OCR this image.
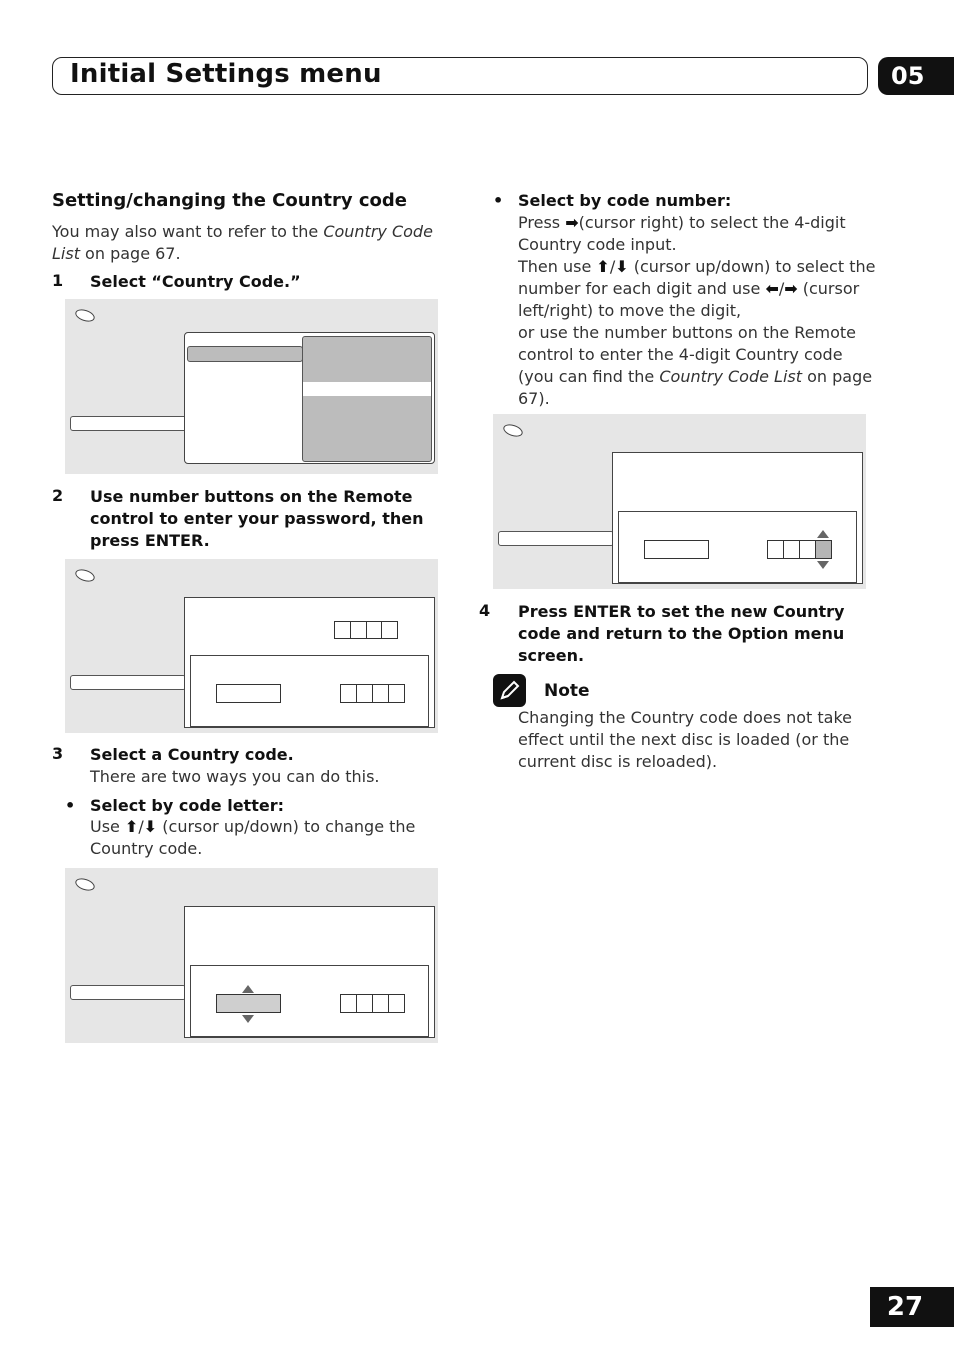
Initial Settings menu	05
Setting/changing the Country code
You may also want to refer to the Country Code List on page 67.
1 Select “Country Code.”
2 Use number buttons on the Remote control to enter your password, then press ENTER.
3 Select a Country code.
There are two ways you can do this.
• Select by code letter:
Use ⬆/⬇ (cursor up/down) to change the Country code.
• Select by code number:
Press ➡(cursor right) to select the 4-digit Country code input.
Then use ⬆/⬇ (cursor up/down) to select the number for each digit and use ⬅/➡ (cursor left/right) to move the digit,
or use the number buttons on the Remote control to enter the 4-digit Country code (you can find the Country Code List on page 67).
4 Press ENTER to set the new Country code and return to the Option menu screen.
Note
Changing the Country code does not take effect until the next disc is loaded (or the current disc is reloaded).
27
